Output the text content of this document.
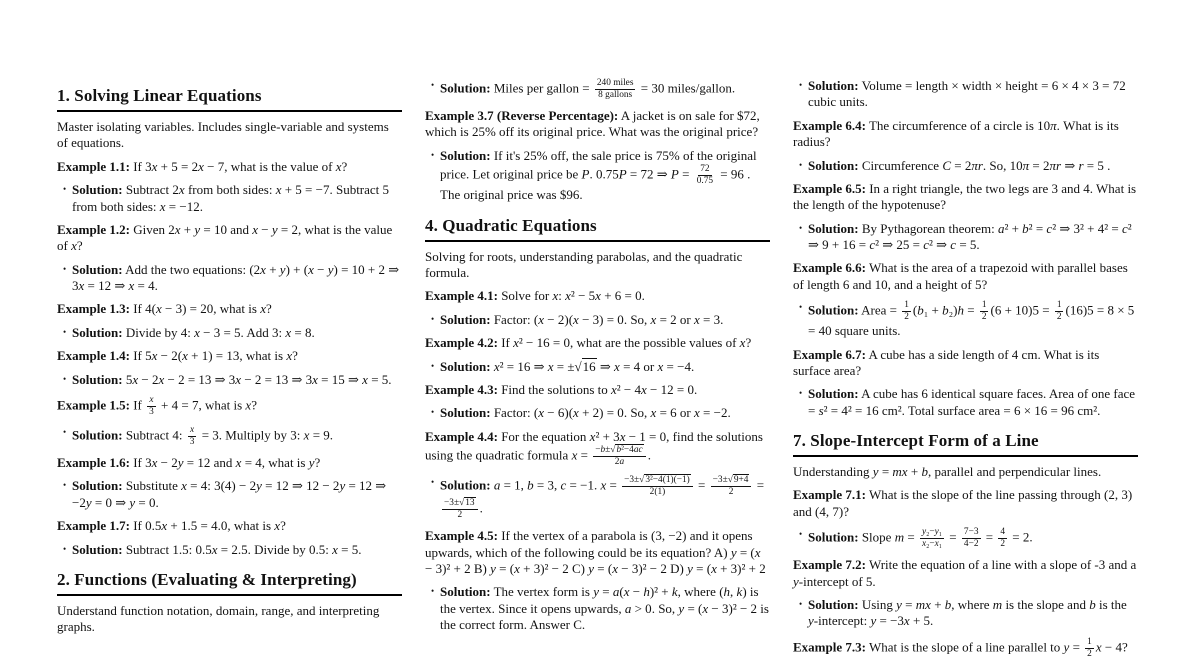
1. Solving Linear Equations

Master isolating variables. Includes single-variable and systems of equations.

Example 1.1: If 3x + 5 = 2x − 7, what is the value of x?

• Solution: Subtract 2x from both sides: x + 5 = −7. Subtract 5 from both sides: x = −12.

Example 1.2: Given 2x + y = 10 and x − y = 2, what is the value of x?

• Solution: Add the two equations: (2x + y) + (x − y) = 10 + 2 ⇒ 3x = 12 ⇒ x = 4.

Example 1.3: If 4(x − 3) = 20, what is x?

• Solution: Divide by 4: x − 3 = 5. Add 3: x = 8.

Example 1.4: If 5x − 2(x + 1) = 13, what is x?

• Solution: 5x − 2x − 2 = 13 ⇒ 3x − 2 = 13 ⇒ 3x = 15 ⇒ x = 5.

Example 1.5: If $\frac{x}{3} + 4 = 7$, what is x?

• Solution: Subtract 4: $\frac{x}{3} = 3$. Multiply by 3: x = 9.

Example 1.6: If 3x − 2y = 12 and x = 4, what is y?

• Solution: Substitute x = 4: 3(4) − 2y = 12 ⇒ 12 − 2y = 12 ⇒ −2y = 0 ⇒ y = 0.

Example 1.7: If 0.5x + 1.5 = 4.0, what is x?

• Solution: Subtract 1.5: 0.5x = 2.5. Divide by 0.5: x = 5.

2. Functions (Evaluating & Interpreting)

Understand function notation, domain, range, and interpreting graphs.

• Solution: Miles per gallon = $\frac{\text{240 miles}}{\text{8 gallons}} = 30$ miles/gallon.

Example 3.7 (Reverse Percentage): A jacket is on sale for $72, which is 25% off its original price. What was the original price?

• Solution: If it's 25% off, the sale price is 75% of the original price. Let original price be P. 0.75P = 72 ⇒ $P = \frac{72}{0.75} = 96$ . The original price was $96.

4. Quadratic Equations

Solving for roots, understanding parabolas, and the quadratic formula.

Example 4.1: Solve for x: x² − 5x + 6 = 0.

• Solution: Factor: (x − 2)(x − 3) = 0. So, x = 2 or x = 3.

Example 4.2: If x² − 16 = 0, what are the possible values of x?

• Solution: x² = 16 ⇒ x = ±√16 ⇒ x = 4 or x = −4.

Example 4.3: Find the solutions to x² − 4x − 12 = 0.

• Solution: Factor: (x − 6)(x + 2) = 0. So, x = 6 or x = −2.

Example 4.4: For the equation x² + 3x − 1 = 0, find the solutions using the quadratic formula $x = \frac{\text{−b±√b²−4ac}}{2a}$ .

• Solution: a = 1, b = 3, c = −1. $x = \frac{\text{−3±√3²−4(1)(−1)}}{2(1)} = \frac{-3\pm√9+4}{2}$ =
$\frac{-3\pm√13}{2}$ .

Example 4.5: If the vertex of a parabola is (3, −2) and it opens upwards, which of the following could be its equation? A) y = (x − 3)² + 2 B) y = (x + 3)² − 2 C) y = (x − 3)² − 2 D) y = (x + 3)² + 2

• Solution: The vertex form is y = a(x − h)² + k, where (h, k) is the vertex. Since it opens upwards, a > 0. So, y = (x − 3)² − 2 is the correct form. Answer C.

• Solution: Volume = length × width × height = 6 × 4 × 3 = 72 cubic units.

Example 6.4: The circumference of a circle is 10π. What is its radius?

• Solution: Circumference C = 2πr. So, 10π = 2πr ⇒ r = 5 .

Example 6.5: In a right triangle, the two legs are 3 and 4. What is the length of the hypotenuse?

• Solution: By Pythagorean theorem: a² + b² = c² ⇒ 3² + 4² = c² ⇒ 9 + 16 = c² ⇒ 25 = c² ⇒ c = 5.

Example 6.6: What is the area of a trapezoid with parallel bases of length 6 and 10, and a height of 5?

• Solution: Area = $\frac{1}{2} (b_1 + b_2)h = \frac{1}{2} (6 + 10)5 = \frac{1}{2} (16)5 = 8 \times 5 = 40$ square units.

Example 6.7: A cube has a side length of 4 cm. What is its surface area?

• Solution: A cube has 6 identical square faces. Area of one face = s² = 4² = 16 cm². Total surface area = 6 × 16 = 96 cm².

7. Slope-Intercept Form of a Line

Understanding y = mx + b, parallel and perpendicular lines.

Example 7.1: What is the slope of the line passing through (2, 3) and (4, 7)?

• Solution: Slope $m = \frac{\text{y₂−y₁}}{\text{x₂−x₁}} = \frac{7-3}{4-2} = \frac{4}{2} = 2$.

Example 7.2: Write the equation of a line with a slope of -3 and a y-intercept of 5.

• Solution: Using y = mx + b, where m is the slope and b is the y-intercept: y = −3x + 5.

Example 7.3: What is the slope of a line parallel to $y = \frac{1}{2}$ x − 4?
